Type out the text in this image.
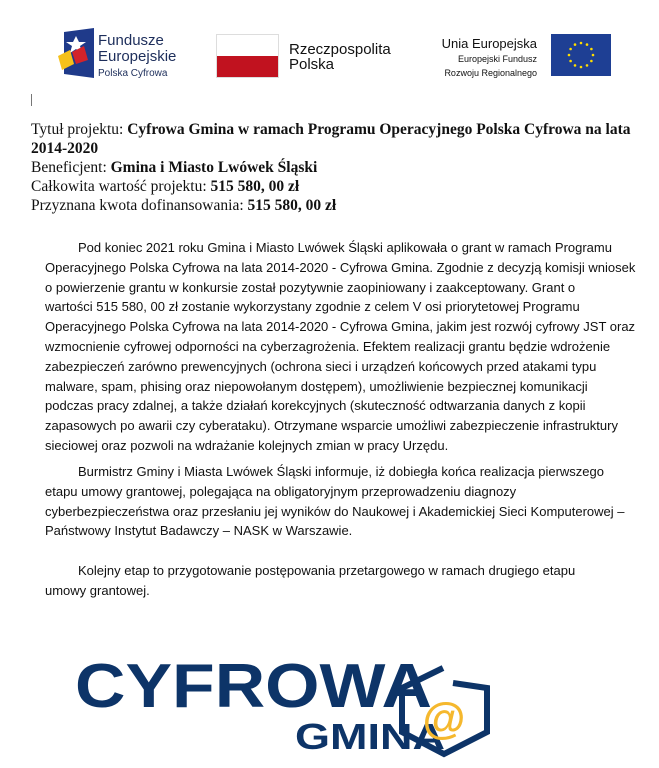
Fundusze
Europejskie
Polska Cyfrowa
Rzeczpospolita
Polska
Unia Europejska
Europejski Fundusz
Rozwoju Regionalnego
Tytuł projektu: Cyfrowa Gmina w ramach Programu Operacyjnego Polska Cyfrowa na lata 2014-2020
Beneficjent: Gmina i Miasto Lwówek Śląski
Całkowita wartość projektu: 515 580, 00 zł
Przyznana kwota dofinansowania: 515 580, 00 zł
Pod koniec 2021 roku Gmina i Miasto Lwówek Śląski aplikowała o grant w ramach Programu
Operacyjnego Polska Cyfrowa na lata 2014-2020 - Cyfrowa Gmina. Zgodnie z decyzją komisji wniosek
o powierzenie grantu w konkursie został pozytywnie zaopiniowany i zaakceptowany. Grant o
wartości 515 580, 00 zł zostanie wykorzystany zgodnie z celem V osi priorytetowej Programu
Operacyjnego Polska Cyfrowa na lata 2014-2020 - Cyfrowa Gmina, jakim jest rozwój cyfrowy JST oraz
wzmocnienie cyfrowej odporności na cyberzagrożenia. Efektem realizacji grantu będzie wdrożenie
zabezpieczeń zarówno prewencyjnych (ochrona sieci i urządzeń końcowych przed atakami typu
malware, spam, phising oraz niepowołanym dostępem), umożliwienie bezpiecznej komunikacji
podczas pracy zdalnej, a także działań korekcyjnych (skuteczność odtwarzania danych z kopii
zapasowych po awarii czy cyberataku). Otrzymane wsparcie umożliwi zabezpieczenie infrastruktury
sieciowej oraz pozwoli na wdrażanie kolejnych zmian w pracy Urzędu.
Burmistrz Gminy i Miasta Lwówek Śląski informuje, iż dobiegła końca realizacja pierwszego
etapu umowy grantowej, polegająca na obligatoryjnym przeprowadzeniu diagnozy
cyberbezpieczeństwa oraz przesłaniu jej wyników do Naukowej i Akademickiej Sieci Komputerowej –
Państwowy Instytut Badawczy – NASK w Warszawie.
Kolejny etap to przygotowanie postępowania przetargowego w ramach drugiego etapu
umowy grantowej.
CYFROWA
GMINA
@
